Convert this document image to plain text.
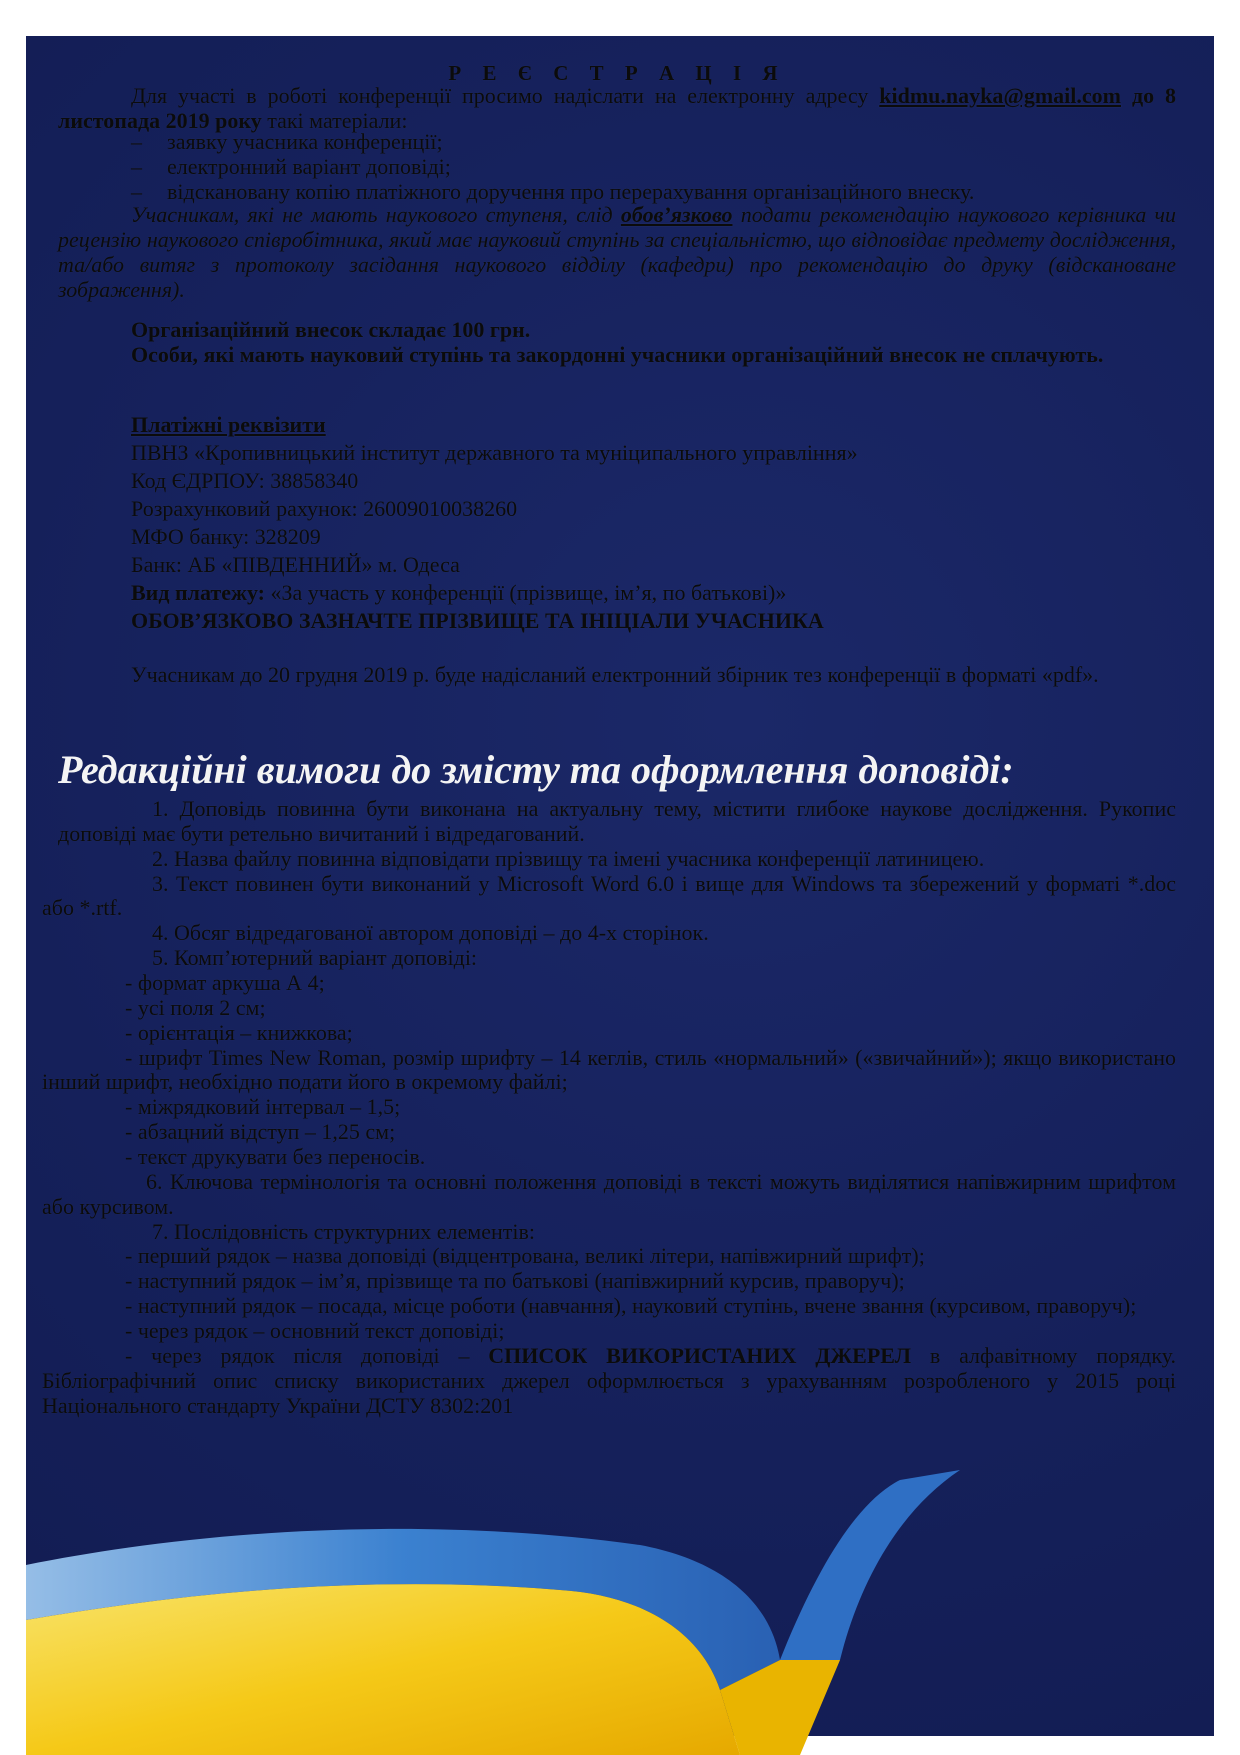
Р Е Є С Т Р А Ц І Я
Для участі в роботі конференції просимо надіслати на електронну адресу kidmu.nayka@gmail.com до 8 листопада 2019 року такі матеріали:

– заявку учасника конференції;

– електронний варіант доповіді;

– відскановану копію платіжного доручення про перерахування організаційного внеску.

Учасникам, які не мають наукового ступеня, слід обов’язково подати рекомендацію наукового керівника чи рецензію наукового співробітника, який має науковий ступінь за спеціальністю, що відповідає предмету дослідження, та/або витяг з протоколу засідання наукового відділу (кафедри) про рекомендацію до друку (відскановане зображення).

Організаційний внесок складає 100 грн.

Особи, які мають науковий ступінь та закордонні учасники організаційний внесок не сплачують.

Платіжні реквізити

ПВНЗ «Кропивницький інститут державного та муніципального управління»

Код ЄДРПОУ: 38858340

Розрахунковий рахунок: 26009010038260

МФО банку: 328209

Банк: АБ «ПІВДЕННИЙ» м. Одеса

Вид платежу: «За участь у конференції (прізвище, ім’я, по батькові)»

ОБОВ’ЯЗКОВО ЗАЗНАЧТЕ ПРІЗВИЩЕ ТА ІНІЦІАЛИ УЧАСНИКА

Учасникам до 20 грудня 2019 р. буде надісланий електронний збірник тез конференції в форматі «pdf».
Редакційні вимоги до змісту та оформлення доповіді:

1. Доповідь повинна бути виконана на актуальну тему, містити глибоке наукове дослідження. Рукопис доповіді має бути ретельно вичитаний і відредагований.

2. Назва файлу повинна відповідати прізвищу та імені учасника конференції латиницею.

3. Текст повинен бути виконаний у Microsoft Word 6.0 і вище для Windows та збережений у форматі *.doc або *.rtf.

4. Обсяг відредагованої автором доповіді – до 4-х сторінок.

5. Комп’ютерний варіант доповіді:

- формат аркуша А 4;

- усі поля 2 см;

- орієнтація – книжкова;

- шрифт Times New Roman, розмір шрифту – 14 кеглів, стиль «нормальний» («звичайний»); якщо використано інший шрифт, необхідно подати його в окремому файлі;

- міжрядковий інтервал – 1,5;

- абзацний відступ – 1,25 см;

- текст друкувати без переносів.

6. Ключова термінологія та основні положення доповіді в тексті можуть виділятися напівжирним шрифтом або курсивом.

7. Послідовність структурних елементів:

- перший рядок – назва доповіді (відцентрована, великі літери, напівжирний шрифт);

- наступний рядок – ім’я, прізвище та по батькові (напівжирний курсив, праворуч);

- наступний рядок – посада, місце роботи (навчання), науковий ступінь, вчене звання (курсивом, праворуч);

- через рядок – основний текст доповіді;

- через рядок після доповіді – СПИСОК ВИКОРИСТАНИХ ДЖЕРЕЛ в алфавітному порядку. Бібліографічний опис списку використаних джерел оформлюється з урахуванням розробленого у 2015 році Національного стандарту України ДСТУ 8302:201
